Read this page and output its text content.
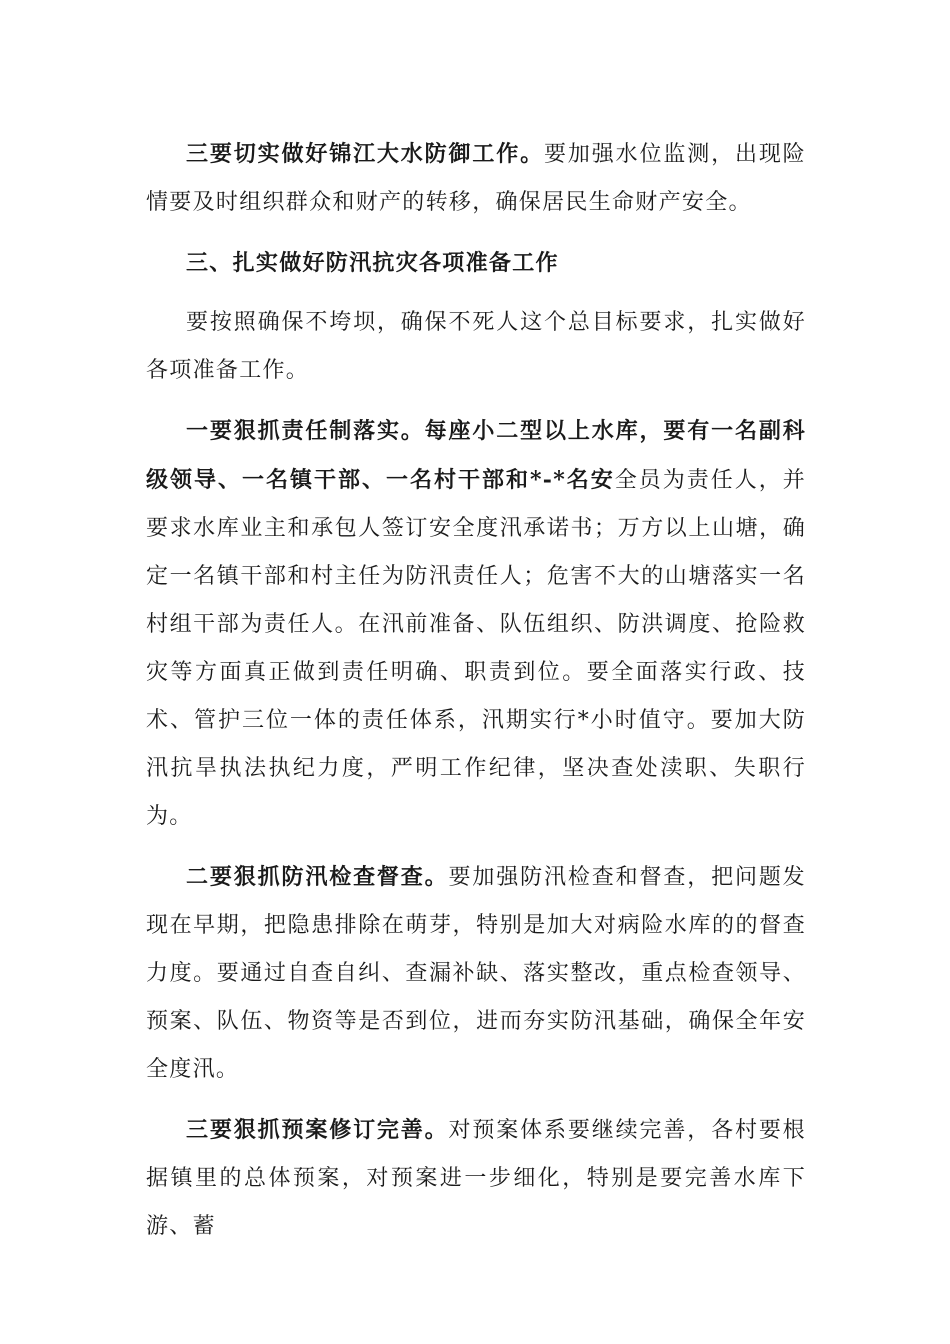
三要切实做好锦江大水防御工作。要加强水位监测，出现险情要及时组织群众和财产的转移，确保居民生命财产安全。

三、扎实做好防汛抗灾各项准备工作

要按照确保不垮坝，确保不死人这个总目标要求，扎实做好各项准备工作。

一要狠抓责任制落实。每座小二型以上水库，要有一名副科级领导、一名镇干部、一名村干部和*-*名安全员为责任人，并要求水库业主和承包人签订安全度汛承诺书；万方以上山塘，确定一名镇干部和村主任为防汛责任人；危害不大的山塘落实一名村组干部为责任人。在汛前准备、队伍组织、防洪调度、抢险救灾等方面真正做到责任明确、职责到位。要全面落实行政、技术、管护三位一体的责任体系，汛期实行*小时值守。要加大防汛抗旱执法执纪力度，严明工作纪律，坚决查处渎职、失职行为。

二要狠抓防汛检查督查。要加强防汛检查和督查，把问题发现在早期，把隐患排除在萌芽，特别是加大对病险水库的的督查力度。要通过自查自纠、查漏补缺、落实整改，重点检查领导、预案、队伍、物资等是否到位，进而夯实防汛基础，确保全年安全度汛。

三要狠抓预案修订完善。对预案体系要继续完善，各村要根据镇里的总体预案，对预案进一步细化，特别是要完善水库下游、蓄
